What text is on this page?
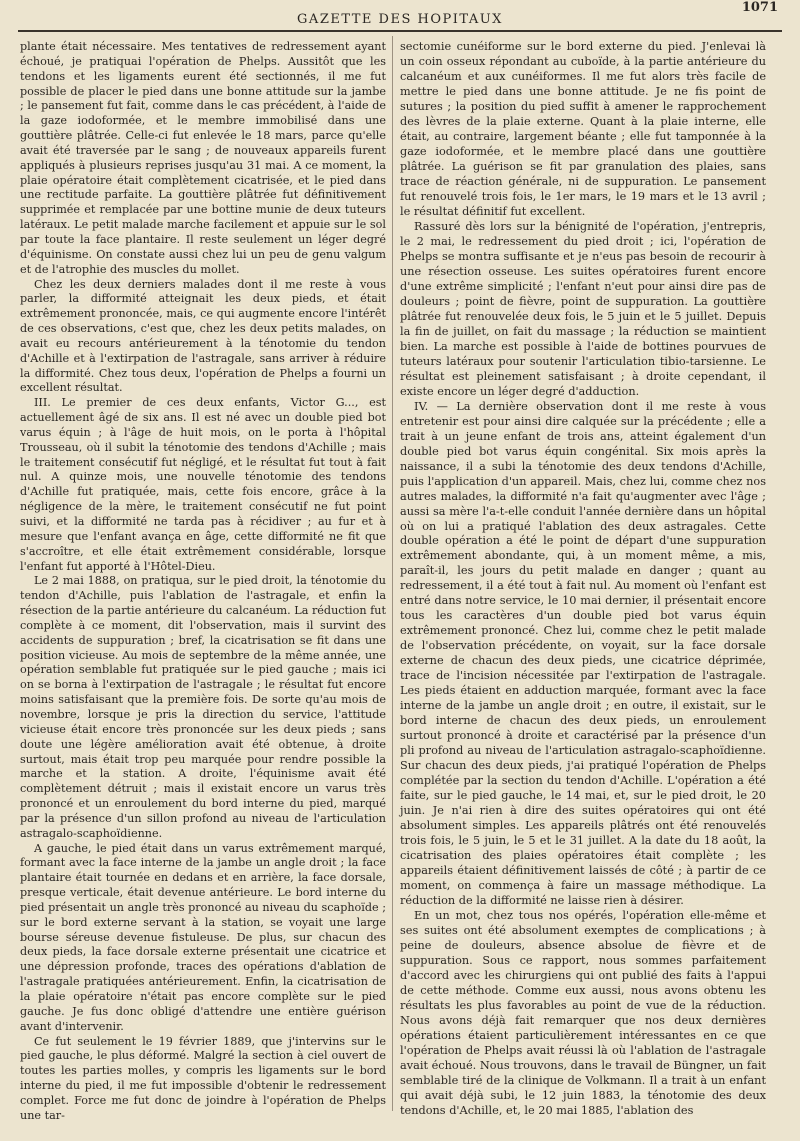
GAZETTE DES HOPITAUX
1071

plante était nécessaire. Mes tentatives de redressement ayant échoué, je pratiquai l'opération de Phelps. Aussitôt que les tendons et les ligaments eurent été sectionnés, il me fut possible de placer le pied dans une bonne attitude sur la jambe ; le pansement fut fait, comme dans le cas précédent, à l'aide de la gaze iodoformée, et le membre immobilisé dans une gouttière plâtrée. Celle-ci fut enlevée le 18 mars, parce qu'elle avait été traversée par le sang ; de nouveaux appareils furent appliqués à plusieurs reprises jusqu'au 31 mai. A ce moment, la plaie opératoire était complètement cicatrisée, et le pied dans une rectitude parfaite. La gouttière plâtrée fut définitivement supprimée et remplacée par une bottine munie de deux tuteurs latéraux. Le petit malade marche facilement et appuie sur le sol par toute la face plantaire. Il reste seulement un léger degré d'équinisme. On constate aussi chez lui un peu de genu valgum et de l'atrophie des muscles du mollet.

Chez les deux derniers malades dont il me reste à vous parler, la difformité atteignait les deux pieds, et était extrêmement prononcée, mais, ce qui augmente encore l'intérêt de ces observations, c'est que, chez les deux petits malades, on avait eu recours antérieurement à la ténotomie du tendon d'Achille et à l'extirpation de l'astragale, sans arriver à réduire la difformité. Chez tous deux, l'opération de Phelps a fourni un excellent résultat.

III. Le premier de ces deux enfants, Victor G..., est actuellement âgé de six ans. Il est né avec un double pied bot varus équin ; à l'âge de huit mois, on le porta à l'hôpital Trousseau, où il subit la ténotomie des tendons d'Achille ; mais le traitement consécutif fut négligé, et le résultat fut tout à fait nul. A quinze mois, une nouvelle ténotomie des tendons d'Achille fut pratiquée, mais, cette fois encore, grâce à la négligence de la mère, le traitement consécutif ne fut point suivi, et la difformité ne tarda pas à récidiver ; au fur et à mesure que l'enfant avança en âge, cette difformité ne fit que s'accroître, et elle était extrêmement considérable, lorsque l'enfant fut apporté à l'Hôtel-Dieu.

Le 2 mai 1888, on pratiqua, sur le pied droit, la ténotomie du tendon d'Achille, puis l'ablation de l'astragale, et enfin la résection de la partie antérieure du calcanéum. La réduction fut complète à ce moment, dit l'observation, mais il survint des accidents de suppuration ; bref, la cicatrisation se fit dans une position vicieuse. Au mois de septembre de la même année, une opération semblable fut pratiquée sur le pied gauche ; mais ici on se borna à l'extirpation de l'astragale ; le résultat fut encore moins satisfaisant que la première fois. De sorte qu'au mois de novembre, lorsque je pris la direction du service, l'attitude vicieuse était encore très prononcée sur les deux pieds ; sans doute une légère amélioration avait été obtenue, à droite surtout, mais était trop peu marquée pour rendre possible la marche et la station. A droite, l'équinisme avait été complètement détruit ; mais il existait encore un varus très prononcé et un enroulement du bord interne du pied, marqué par la présence d'un sillon profond au niveau de l'articulation astragalo-scaphoïdienne.

A gauche, le pied était dans un varus extrêmement marqué, formant avec la face interne de la jambe un angle droit ; la face plantaire était tournée en dedans et en arrière, la face dorsale, presque verticale, était devenue antérieure. Le bord interne du pied présentait un angle très prononcé au niveau du scaphoïde ; sur le bord externe servant à la station, se voyait une large bourse séreuse devenue fistuleuse. De plus, sur chacun des deux pieds, la face dorsale externe présentait une cicatrice et une dépression profonde, traces des opérations d'ablation de l'astragale pratiquées antérieurement. Enfin, la cicatrisation de la plaie opératoire n'était pas encore complète sur le pied gauche. Je fus donc obligé d'attendre une entière guérison avant d'intervenir.

Ce fut seulement le 19 février 1889, que j'intervins sur le pied gauche, le plus déformé. Malgré la section à ciel ouvert de toutes les parties molles, y compris les ligaments sur le bord interne du pied, il me fut impossible d'obtenir le redressement complet. Force me fut donc de joindre à l'opération de Phelps une tar-

sectomie cunéiforme sur le bord externe du pied. J'enlevai là un coin osseux répondant au cuboïde, à la partie antérieure du calcanéum et aux cunéiformes. Il me fut alors très facile de mettre le pied dans une bonne attitude. Je ne fis point de sutures ; la position du pied suffit à amener le rapprochement des lèvres de la plaie externe. Quant à la plaie interne, elle était, au contraire, largement béante ; elle fut tamponnée à la gaze iodoformée, et le membre placé dans une gouttière plâtrée. La guérison se fit par granulation des plaies, sans trace de réaction générale, ni de suppuration. Le pansement fut renouvelé trois fois, le 1er mars, le 19 mars et le 13 avril ; le résultat définitif fut excellent.

Rassuré dès lors sur la bénignité de l'opération, j'entrepris, le 2 mai, le redressement du pied droit ; ici, l'opération de Phelps se montra suffisante et je n'eus pas besoin de recourir à une résection osseuse. Les suites opératoires furent encore d'une extrême simplicité ; l'enfant n'eut pour ainsi dire pas de douleurs ; point de fièvre, point de suppuration. La gouttière plâtrée fut renouvelée deux fois, le 5 juin et le 5 juillet. Depuis la fin de juillet, on fait du massage ; la réduction se maintient bien. La marche est possible à l'aide de bottines pourvues de tuteurs latéraux pour soutenir l'articulation tibio-tarsienne. Le résultat est pleinement satisfaisant ; à droite cependant, il existe encore un léger degré d'adduction.

IV. — La dernière observation dont il me reste à vous entretenir est pour ainsi dire calquée sur la précédente ; elle a trait à un jeune enfant de trois ans, atteint également d'un double pied bot varus équin congénital. Six mois après la naissance, il a subi la ténotomie des deux tendons d'Achille, puis l'application d'un appareil. Mais, chez lui, comme chez nos autres malades, la difformité n'a fait qu'augmenter avec l'âge ; aussi sa mère l'a-t-elle conduit l'année dernière dans un hôpital où on lui a pratiqué l'ablation des deux astragales. Cette double opération a été le point de départ d'une suppuration extrêmement abondante, qui, à un moment même, a mis, paraît-il, les jours du petit malade en danger ; quant au redressement, il a été tout à fait nul. Au moment où l'enfant est entré dans notre service, le 10 mai dernier, il présentait encore tous les caractères d'un double pied bot varus équin extrêmement prononcé. Chez lui, comme chez le petit malade de l'observation précédente, on voyait, sur la face dorsale externe de chacun des deux pieds, une cicatrice déprimée, trace de l'incision nécessitée par l'extirpation de l'astragale. Les pieds étaient en adduction marquée, formant avec la face interne de la jambe un angle droit ; en outre, il existait, sur le bord interne de chacun des deux pieds, un enroulement surtout prononcé à droite et caractérisé par la présence d'un pli profond au niveau de l'articulation astragalo-scaphoïdienne. Sur chacun des deux pieds, j'ai pratiqué l'opération de Phelps complétée par la section du tendon d'Achille. L'opération a été faite, sur le pied gauche, le 14 mai, et, sur le pied droit, le 20 juin. Je n'ai rien à dire des suites opératoires qui ont été absolument simples. Les appareils plâtrés ont été renouvelés trois fois, le 5 juin, le 5 et le 31 juillet. A la date du 18 août, la cicatrisation des plaies opératoires était complète ; les appareils étaient définitivement laissés de côté ; à partir de ce moment, on commença à faire un massage méthodique. La réduction de la difformité ne laisse rien à désirer.

En un mot, chez tous nos opérés, l'opération elle-même et ses suites ont été absolument exemptes de complications ; à peine de douleurs, absence absolue de fièvre et de suppuration. Sous ce rapport, nous sommes parfaitement d'accord avec les chirurgiens qui ont publié des faits à l'appui de cette méthode. Comme eux aussi, nous avons obtenu les résultats les plus favorables au point de vue de la réduction. Nous avons déjà fait remarquer que nos deux dernières opérations étaient particulièrement intéressantes en ce que l'opération de Phelps avait réussi là où l'ablation de l'astragale avait échoué. Nous trouvons, dans le travail de Büngner, un fait semblable tiré de la clinique de Volkmann. Il a trait à un enfant qui avait déjà subi, le 12 juin 1883, la ténotomie des deux tendons d'Achille, et, le 20 mai 1885, l'ablation des
